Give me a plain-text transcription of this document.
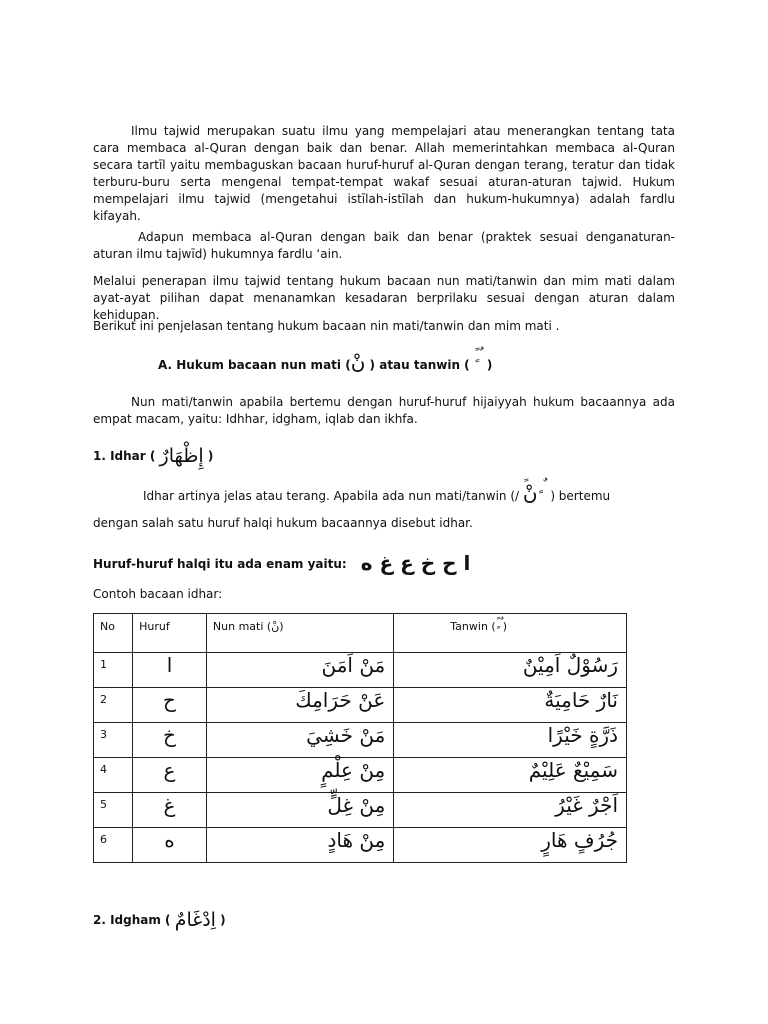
Ilmu tajwid merupakan suatu ilmu yang mempelajari atau menerangkan tentang tata cara membaca al-Quran dengan baik dan benar. Allah memerintahkan membaca al-Quran secara tartīl yaitu membaguskan bacaan huruf-huruf al-Quran dengan terang, teratur dan tidak terburu-buru serta mengenal tempat-tempat wakaf sesuai aturan-aturan tajwid. Hukum mempelajari ilmu tajwid (mengetahui istīlah-istīlah dan hukum-hukumnya) adalah fardlu kifayah.

Adapun membaca al-Quran dengan baik dan benar (praktek sesuai denganaturan-aturan ilmu tajwīd) hukumnya fardlu ‘ain.

Melalui penerapan ilmu tajwid tentang hukum bacaan nun mati/tanwin dan mim mati dalam ayat-ayat pilihan dapat menanamkan kesadaran berprilaku sesuai dengan aturan dalam kehidupan.

Berikut ini penjelasan tentang hukum bacaan nin mati/tanwin dan mim mati .

A. Hukum bacaan nun mati (نْ ) atau tanwin ( ً ٍ ٌ )

Nun mati/tanwin apabila bertemu dengan huruf-huruf hijaiyyah hukum bacaannya ada empat macam, yaitu: Idhhar, idgham, iqlab dan ikhfa.

1. Idhar ( إِظْهَارٌ )
Idhar artinya jelas atau terang. Apabila ada nun mati/tanwin (/ نْ ٍ ٌ ) bertemu

dengan salah satu huruf halqi hukum bacaannya disebut idhar.

Huruf-huruf halqi itu ada enam yaitu: ا ح خ ع غ ه

Contoh bacaan idhar:

No	Huruf	Nun mati (نْ)	Tanwin (ً ٍ ٌ)

1	ا	مَنْ اَمَنَ	رَسُوْلٌ اَمِيْنٌ

2	ح	عَنْ حَرَامِكَ	نَارٌ حَامِيَةٌ

3	خ	مَنْ خَشِيَ	ذَرَّةٍ خَيْرًا

4	ع	مِنْ عِلْمٍ	سَمِيْعٌ عَلِيْمٌ

5	غ	مِنْ غِلٍّ	اَجْرٌ غَيْرُ

6	ه	مِنْ هَادٍ	جُرُفٍ هَارٍ
2. Idgham ( اِدْغَامٌ )
